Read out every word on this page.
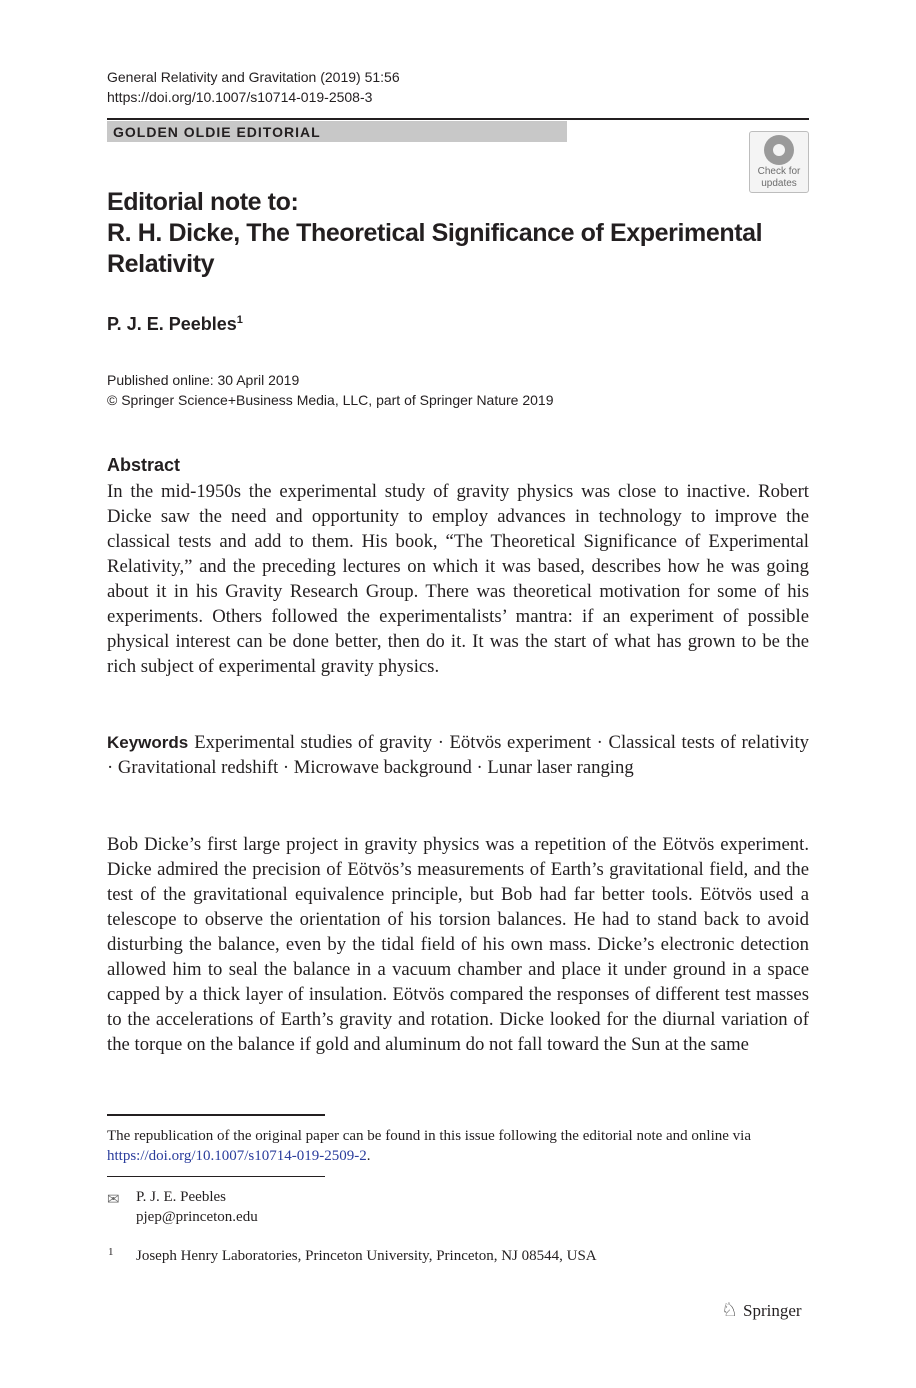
General Relativity and Gravitation (2019) 51:56
https://doi.org/10.1007/s10714-019-2508-3
GOLDEN OLDIE EDITORIAL
Check for
updates
Editorial note to:
R. H. Dicke, The Theoretical Significance of Experimental
Relativity
P. J. E. Peebles$^1$
Published online: 30 April 2019
© Springer Science+Business Media, LLC, part of Springer Nature 2019
Abstract
In the mid-1950s the experimental study of gravity physics was close to inactive. Robert Dicke saw the need and opportunity to employ advances in technology to improve the classical tests and add to them. His book, “The Theoretical Significance of Experimental Relativity,” and the preceding lectures on which it was based, describes how he was going about it in his Gravity Research Group. There was theoretical motivation for some of his experiments. Others followed the experimentalists’ mantra: if an experiment of possible physical interest can be done better, then do it. It was the start of what has grown to be the rich subject of experimental gravity physics.
Keywords Experimental studies of gravity · Eötvös experiment · Classical tests of relativity · Gravitational redshift · Microwave background · Lunar laser ranging
Bob Dicke’s first large project in gravity physics was a repetition of the Eötvös experiment. Dicke admired the precision of Eötvös’s measurements of Earth’s gravitational field, and the test of the gravitational equivalence principle, but Bob had far better tools. Eötvös used a telescope to observe the orientation of his torsion balances. He had to stand back to avoid disturbing the balance, even by the tidal field of his own mass. Dicke’s electronic detection allowed him to seal the balance in a vacuum chamber and place it under ground in a space capped by a thick layer of insulation. Eötvös compared the responses of different test masses to the accelerations of Earth’s gravity and rotation. Dicke looked for the diurnal variation of the torque on the balance if gold and aluminum do not fall toward the Sun at the same
The republication of the original paper can be found in this issue following the editorial note and online via https://doi.org/10.1007/s10714-019-2509-2.
✉ P. J. E. Peebles
pjep@princeton.edu
1 Joseph Henry Laboratories, Princeton University, Princeton, NJ 08544, USA
♘ Springer
